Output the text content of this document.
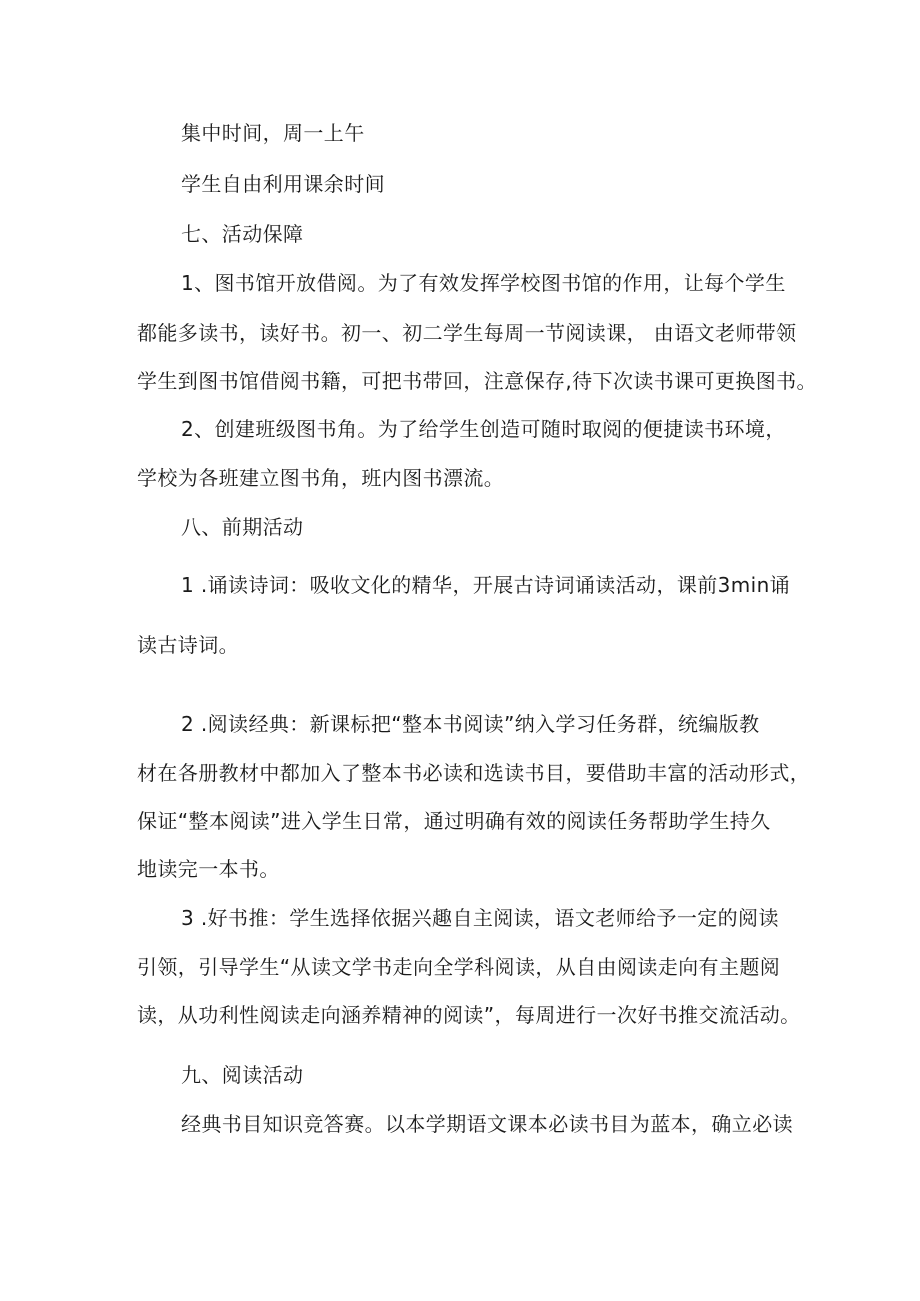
集中时间，周一上午
学生自由利用课余时间
七、活动保障
1、图书馆开放借阅。为了有效发挥学校图书馆的作用，让每个学生
都能多读书，读好书。初一、初二学生每周一节阅读课， 由语文老师带领
学生到图书馆借阅书籍，可把书带回，注意保存,待下次读书课可更换图书。
2、创建班级图书角。为了给学生创造可随时取阅的便捷读书环境，
学校为各班建立图书角，班内图书漂流。
八、前期活动
1 .诵读诗词：吸收文化的精华，开展古诗词诵读活动，课前3min诵
读古诗词。
2 .阅读经典：新课标把“整本书阅读”纳入学习任务群，统编版教
材在各册教材中都加入了整本书必读和选读书目，要借助丰富的活动形式，
保证“整本阅读”进入学生日常，通过明确有效的阅读任务帮助学生持久
地读完一本书。
3 .好书推：学生选择依据兴趣自主阅读，语文老师给予一定的阅读
引领，引导学生“从读文学书走向全学科阅读，从自由阅读走向有主题阅
读，从功利性阅读走向涵养精神的阅读”，每周进行一次好书推交流活动。
九、阅读活动
经典书目知识竞答赛。以本学期语文课本必读书目为蓝本，确立必读
